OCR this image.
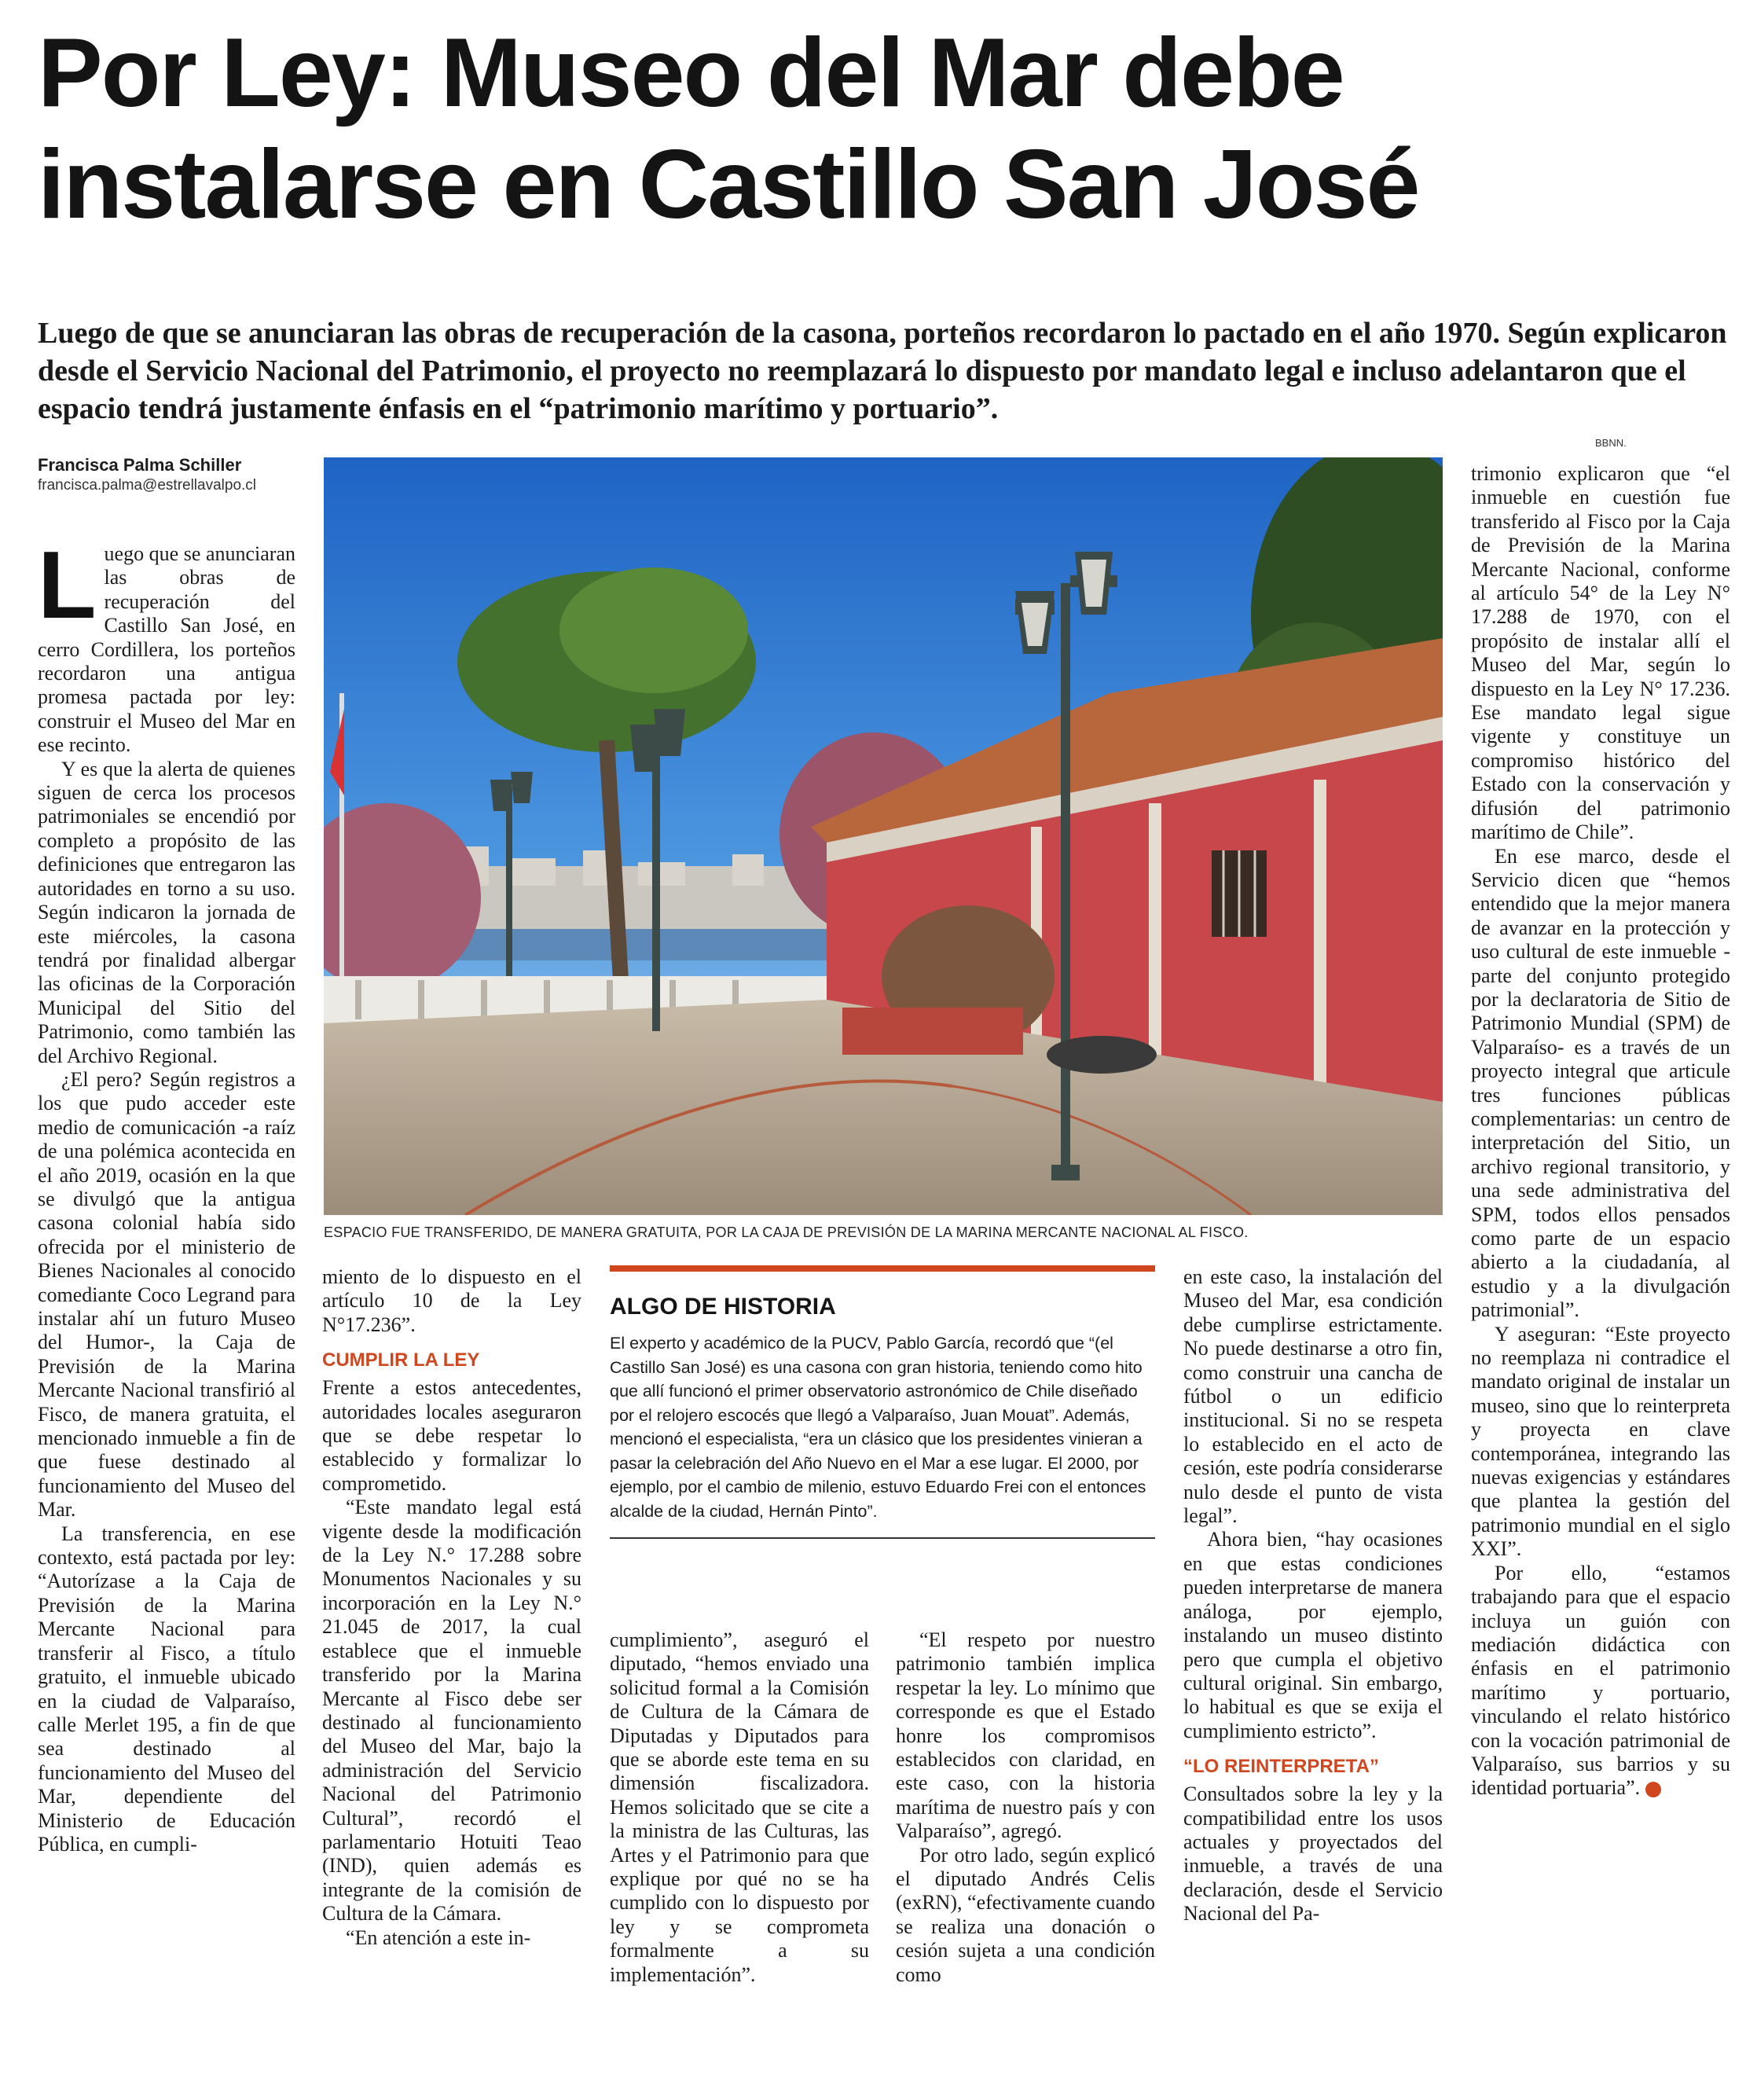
Por Ley: Museo del Mar debe instalarse en Castillo San José
Luego de que se anunciaran las obras de recuperación de la casona, porteños recordaron lo pactado en el año 1970. Según explicaron desde el Servicio Nacional del Patrimonio, el proyecto no reemplazará lo dispuesto por mandato legal e incluso adelantaron que el espacio tendrá justamente énfasis en el “patrimonio marítimo y portuario”.
BBNN.
Francisca Palma Schiller
francisca.palma@estrellavalpo.cl

Luego que se anunciaran las obras de recuperación del Castillo San José, en cerro Cordillera, los porteños recordaron una antigua promesa pactada por ley: construir el Museo del Mar en ese recinto.

Y es que la alerta de quienes siguen de cerca los procesos patrimoniales se encendió por completo a propósito de las definiciones que entregaron las autoridades en torno a su uso. Según indicaron la jornada de este miércoles, la casona tendrá por finalidad albergar las oficinas de la Corporación Municipal del Sitio del Patrimonio, como también las del Archivo Regional.

¿El pero? Según registros a los que pudo acceder este medio de comunicación -a raíz de una polémica acontecida en el año 2019, ocasión en la que se divulgó que la antigua casona colonial había sido ofrecida por el ministerio de Bienes Nacionales al conocido comediante Coco Legrand para instalar ahí un futuro Museo del Humor-, la Caja de Previsión de la Marina Mercante Nacional transfirió al Fisco, de manera gratuita, el mencionado inmueble a fin de que fuese destinado al funcionamiento del Museo del Mar.

La transferencia, en ese contexto, está pactada por ley: “Autorízase a la Caja de Previsión de la Marina Mercante Nacional para transferir al Fisco, a título gratuito, el inmueble ubicado en la ciudad de Valparaíso, calle Merlet 195, a fin de que sea destinado al funcionamiento del Museo del Mar, dependiente del Ministerio de Educación Pública, en cumpli-

ESPACIO FUE TRANSFERIDO, DE MANERA GRATUITA, POR LA CAJA DE PREVISIÓN DE LA MARINA MERCANTE NACIONAL AL FISCO.

miento de lo dispuesto en el artículo 10 de la Ley N°17.236”.

CUMPLIR LA LEY

Frente a estos antecedentes, autoridades locales aseguraron que se debe respetar lo establecido y formalizar lo comprometido.

“Este mandato legal está vigente desde la modificación de la Ley N.° 17.288 sobre Monumentos Nacionales y su incorporación en la Ley N.° 21.045 de 2017, la cual establece que el inmueble transferido por la Marina Mercante al Fisco debe ser destinado al funcionamiento del Museo del Mar, bajo la administración del Servicio Nacional del Patrimonio Cultural”, recordó el parlamentario Hotuiti Teao (IND), quien además es integrante de la comisión de Cultura de la Cámara.

“En atención a este in-

ALGO DE HISTORIA

El experto y académico de la PUCV, Pablo García, recordó que “(el Castillo San José) es una casona con gran historia, teniendo como hito que allí funcionó el primer observatorio astronómico de Chile diseñado por el relojero escocés que llegó a Valparaíso, Juan Mouat”. Además, mencionó el especialista, “era un clásico que los presidentes vinieran a pasar la celebración del Año Nuevo en el Mar a ese lugar. El 2000, por ejemplo, por el cambio de milenio, estuvo Eduardo Frei con el entonces alcalde de la ciudad, Hernán Pinto”.

cumplimiento”, aseguró el diputado, “hemos enviado una solicitud formal a la Comisión de Cultura de la Cámara de Diputadas y Diputados para que se aborde este tema en su dimensión fiscalizadora. Hemos solicitado que se cite a la ministra de las Culturas, las Artes y el Patrimonio para que explique por qué no se ha cumplido con lo dispuesto por ley y se comprometa formalmente a su implementación”.

“El respeto por nuestro patrimonio también implica respetar la ley. Lo mínimo que corresponde es que el Estado honre los compromisos establecidos con claridad, en este caso, con la historia marítima de nuestro país y con Valparaíso”, agregó.

Por otro lado, según explicó el diputado Andrés Celis (exRN), “efectivamente cuando se realiza una donación o cesión sujeta a una condición como

en este caso, la instalación del Museo del Mar, esa condición debe cumplirse estrictamente. No puede destinarse a otro fin, como construir una cancha de fútbol o un edificio institucional. Si no se respeta lo establecido en el acto de cesión, este podría considerarse nulo desde el punto de vista legal”.

Ahora bien, “hay ocasiones en que estas condiciones pueden interpretarse de manera análoga, por ejemplo, instalando un museo distinto pero que cumpla el objetivo cultural original. Sin embargo, lo habitual es que se exija el cumplimiento estricto”.

“LO REINTERPRETA”

Consultados sobre la ley y la compatibilidad entre los usos actuales y proyectados del inmueble, a través de una declaración, desde el Servicio Nacional del Pa-

trimonio explicaron que “el inmueble en cuestión fue transferido al Fisco por la Caja de Previsión de la Marina Mercante Nacional, conforme al artículo 54° de la Ley N° 17.288 de 1970, con el propósito de instalar allí el Museo del Mar, según lo dispuesto en la Ley N° 17.236. Ese mandato legal sigue vigente y constituye un compromiso histórico del Estado con la conservación y difusión del patrimonio marítimo de Chile”.

En ese marco, desde el Servicio dicen que “hemos entendido que la mejor manera de avanzar en la protección y uso cultural de este inmueble -parte del conjunto protegido por la declaratoria de Sitio de Patrimonio Mundial (SPM) de Valparaíso- es a través de un proyecto integral que articule tres funciones públicas complementarias: un centro de interpretación del Sitio, un archivo regional transitorio, y una sede administrativa del SPM, todos ellos pensados como parte de un espacio abierto a la ciudadanía, al estudio y a la divulgación patrimonial”.

Y aseguran: “Este proyecto no reemplaza ni contradice el mandato original de instalar un museo, sino que lo reinterpreta y proyecta en clave contemporánea, integrando las nuevas exigencias y estándares que plantea la gestión del patrimonio mundial en el siglo XXI”.

Por ello, “estamos trabajando para que el espacio incluya un guión con mediación didáctica con énfasis en el patrimonio marítimo y portuario, vinculando el relato histórico con la vocación patrimonial de Valparaíso, sus barrios y su identidad portuaria”.	✿
